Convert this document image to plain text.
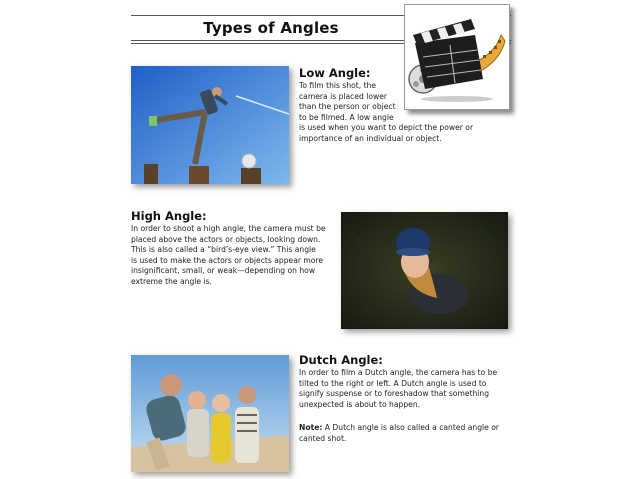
Types of Angles
Low Angle:

To film this shot, the

camera is placed lower

than the person or object

to be filmed. A low angle

is used when you want to depict the power or

importance of an individual or object.

High Angle:

In order to shoot a high angle, the camera must be

placed above the actors or objects, looking down.

This is also called a “bird’s-eye view.” This angle

is used to make the actors or objects appear more

insignificant, small, or weak—depending on how

extreme the angle is.

Dutch Angle:

In order to film a Dutch angle, the camera has to be

tilted to the right or left. A Dutch angle is used to

signify suspense or to foreshadow that something

unexpected is about to happen.

Note: A Dutch angle is also called a canted angle or

canted shot.
